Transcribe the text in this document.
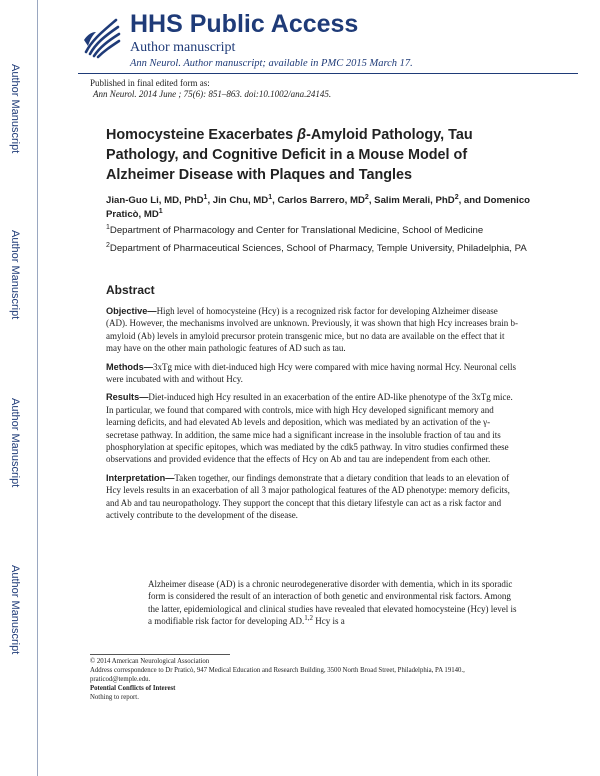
Author Manuscript
Author Manuscript
Author Manuscript
Author Manuscript
HHS Public Access
Author manuscript
Ann Neurol. Author manuscript; available in PMC 2015 March 17.
Published in final edited form as:
Ann Neurol. 2014 June ; 75(6): 851–863. doi:10.1002/ana.24145.
Homocysteine Exacerbates β-Amyloid Pathology, Tau Pathology, and Cognitive Deficit in a Mouse Model of Alzheimer Disease with Plaques and Tangles
Jian-Guo Li, MD, PhD$^1$, Jin Chu, $MD^1$, Carlos Barrero, $MD^2$, Salim Merali, PhD$^2$, and Domenico Praticò, $MD^1$

$^1$Department of Pharmacology and Center for Translational Medicine, School of Medicine

$^2$Department of Pharmaceutical Sciences, School of Pharmacy, Temple University, Philadelphia, PA

Abstract

Objective—High level of homocysteine (Hcy) is a recognized risk factor for developing Alzheimer disease (AD). However, the mechanisms involved are unknown. Previously, it was shown that high Hcy increases brain b-amyloid (Ab) levels in amyloid precursor protein transgenic mice, but no data are available on the effect that it may have on the other main pathologic features of AD such as tau.

Methods—3xTg mice with diet-induced high Hcy were compared with mice having normal Hcy. Neuronal cells were incubated with and without Hcy.

Results—Diet-induced high Hcy resulted in an exacerbation of the entire AD-like phenotype of the 3xTg mice. In particular, we found that compared with controls, mice with high Hcy developed significant memory and learning deficits, and had elevated Ab levels and deposition, which was mediated by an activation of the γ-secretase pathway. In addition, the same mice had a significant increase in the insoluble fraction of tau and its phosphorylation at specific epitopes, which was mediated by the cdk5 pathway. In vitro studies confirmed these observations and provided evidence that the effects of Hcy on Ab and tau are independent from each other.

Interpretation—Taken together, our findings demonstrate that a dietary condition that leads to an elevation of Hcy levels results in an exacerbation of all 3 major pathological features of the AD phenotype: memory deficits, and Ab and tau neuropathology. They support the concept that this dietary lifestyle can act as a risk factor and actively contribute to the development of the disease.

Alzheimer disease (AD) is a chronic neurodegenerative disorder with dementia, which in its sporadic form is considered the result of an interaction of both genetic and environmental risk factors. Among the latter, epidemiological and clinical studies have revealed that elevated homocysteine (Hcy) level is a modifiable risk factor for developing AD.$^{1,2}$ Hcy is a

© 2014 American Neurological Association
Address correspondence to Dr Praticò, 947 Medical Education and Research Building, 3500 North Broad Street, Philadelphia, PA 19140., praticod@temple.edu.
Potential Conflicts of Interest
Nothing to report.
